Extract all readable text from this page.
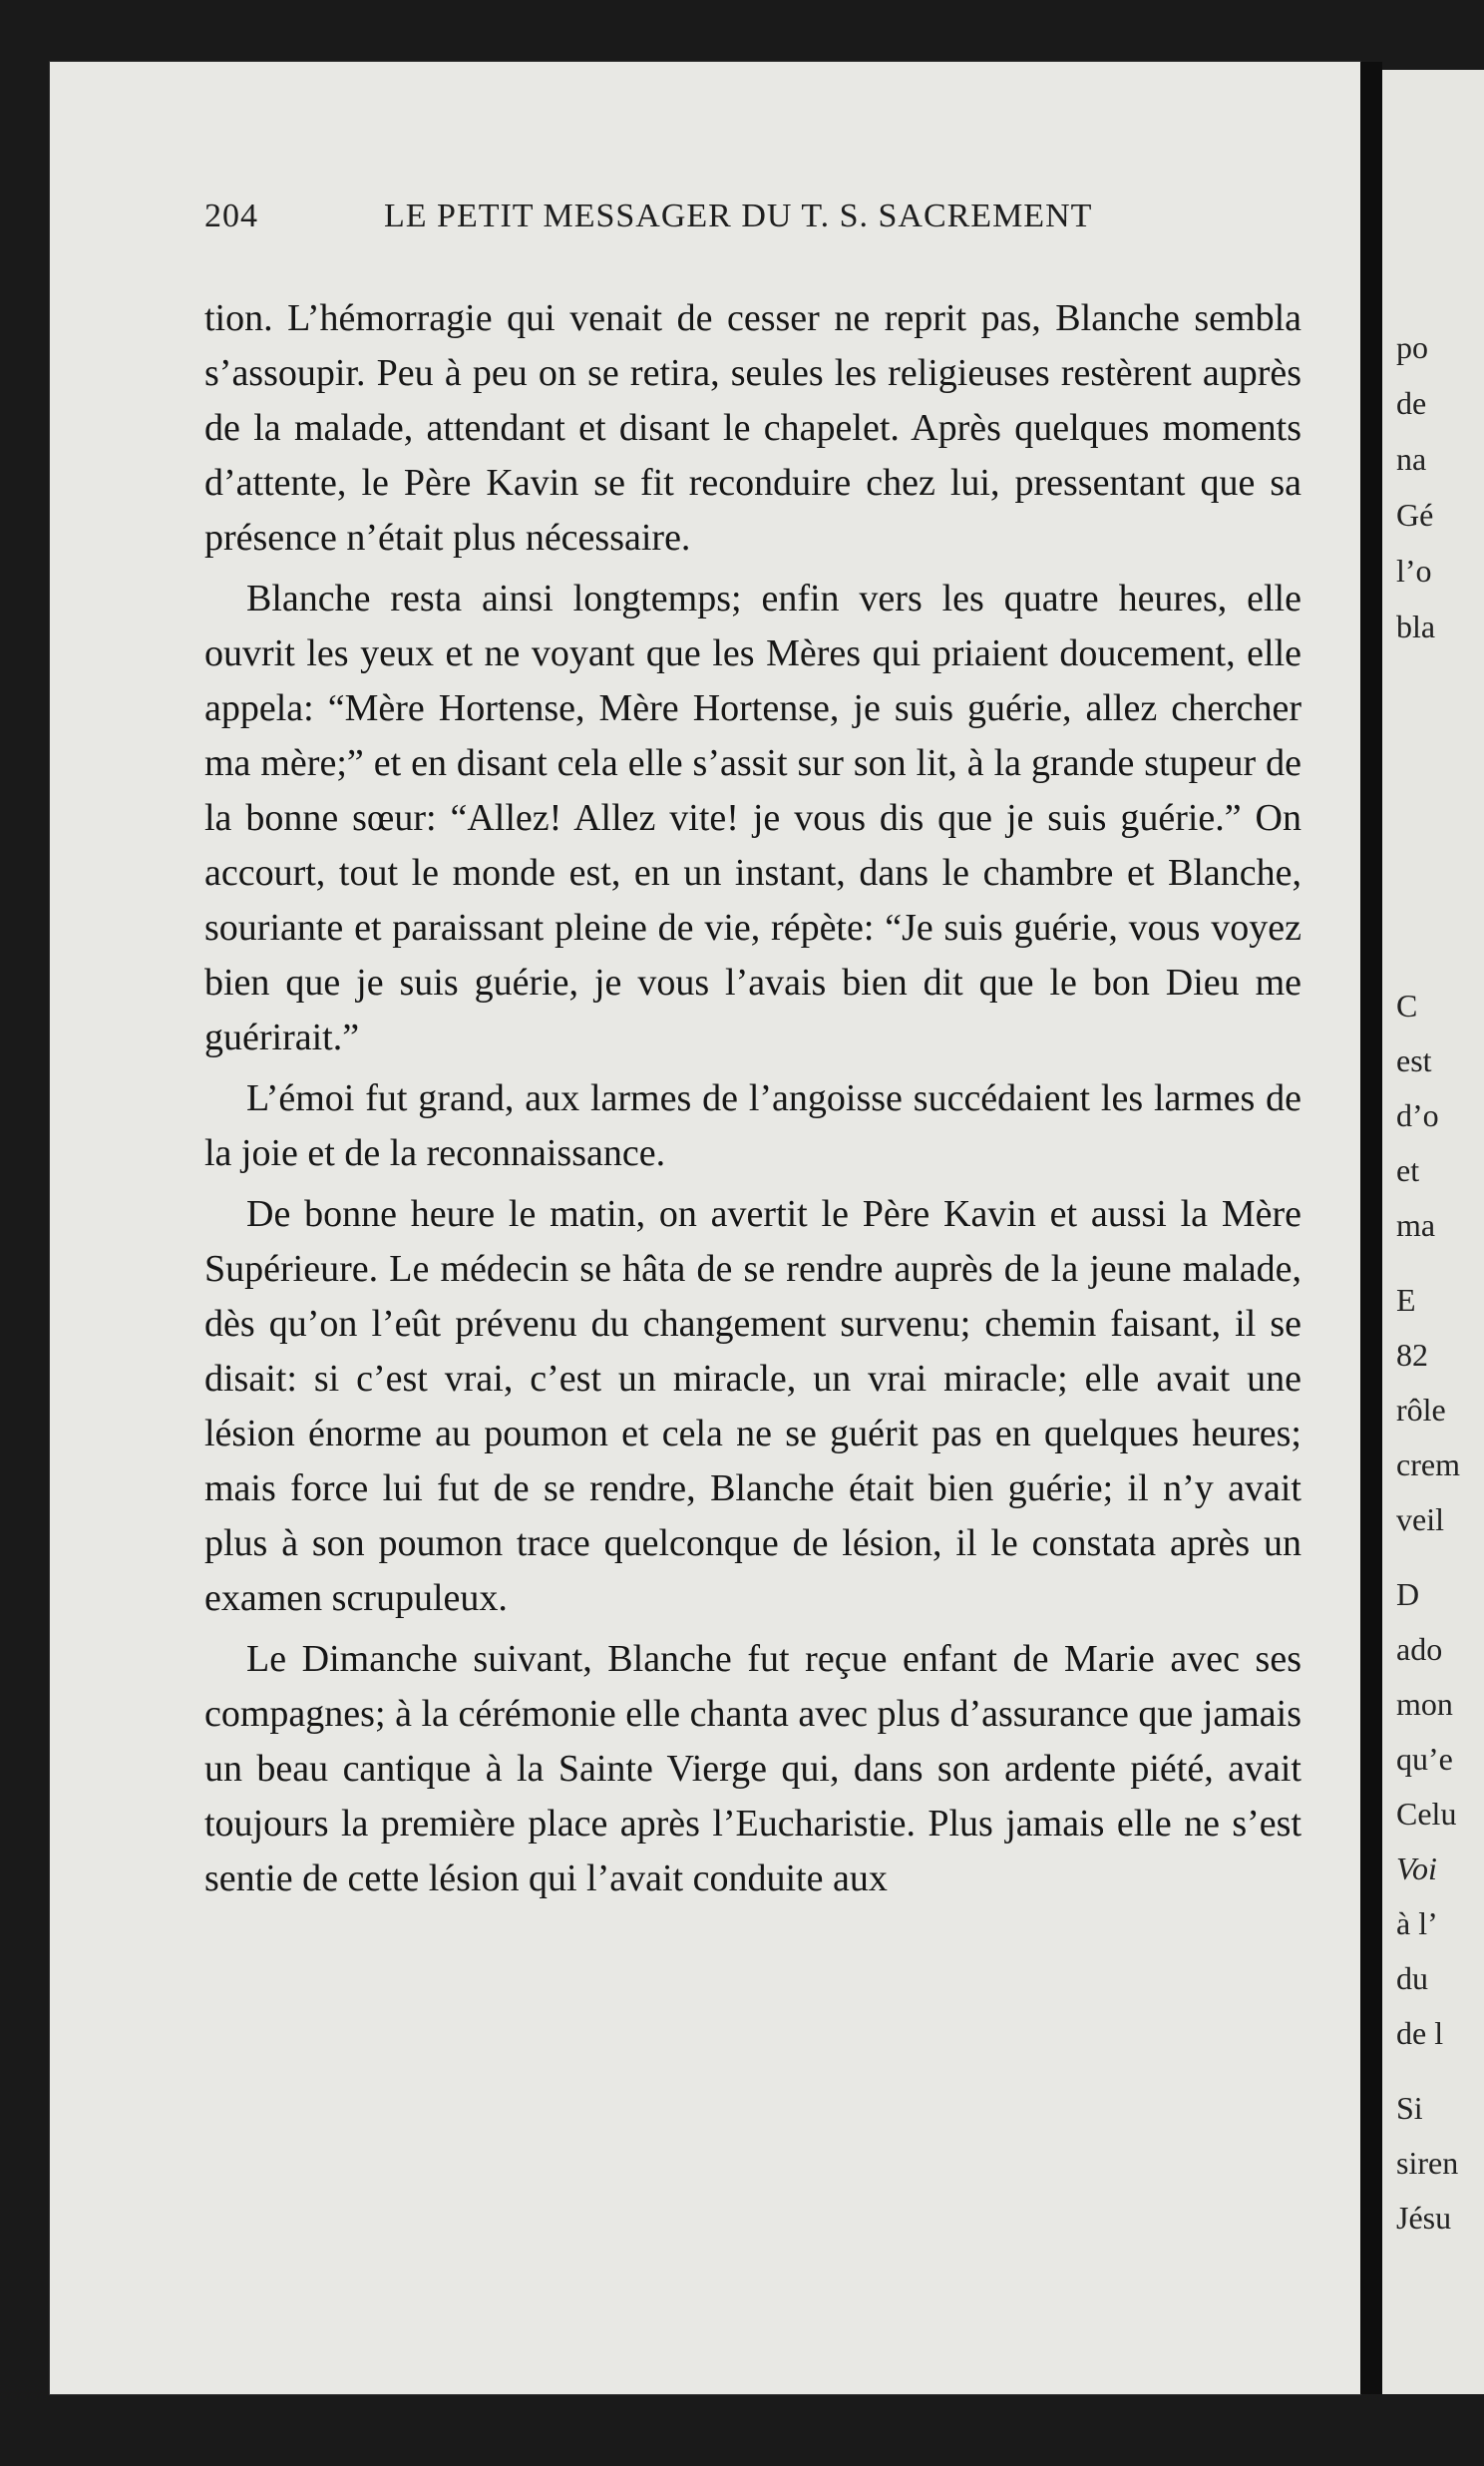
po
de
na
Gé
l’o
bla
C
est
d’o
et
ma
E
82
rôle
crem
veil
D
ado
mon
qu’e
Celu
Voi
à l’
du
de l
Si
siren
Jésu
204	LE PETIT MESSAGER DU T. S. SACREMENT

tion. L’hémorragie qui venait de cesser ne reprit pas, Blanche sembla s’assoupir. Peu à peu on se retira, seules les religieuses restèrent auprès de la malade, attendant et disant le chapelet. Après quelques moments d’attente, le Père Kavin se fit reconduire chez lui, pressentant que sa présence n’était plus nécessaire.

Blanche resta ainsi longtemps; enfin vers les quatre heures, elle ouvrit les yeux et ne voyant que les Mères qui priaient doucement, elle appela: “Mère Hortense, Mère Hortense, je suis guérie, allez chercher ma mère;” et en disant cela elle s’assit sur son lit, à la grande stupeur de la bonne sœur: “Allez! Allez vite! je vous dis que je suis guérie.” On accourt, tout le monde est, en un instant, dans le chambre et Blanche, souriante et paraissant pleine de vie, répète: “Je suis guérie, vous voyez bien que je suis guérie, je vous l’avais bien dit que le bon Dieu me guérirait.”

L’émoi fut grand, aux larmes de l’angoisse succédaient les larmes de la joie et de la reconnaissance.

De bonne heure le matin, on avertit le Père Kavin et aussi la Mère Supérieure. Le médecin se hâta de se rendre auprès de la jeune malade, dès qu’on l’eût prévenu du changement survenu; chemin faisant, il se disait: si c’est vrai, c’est un miracle, un vrai miracle; elle avait une lésion énorme au poumon et cela ne se guérit pas en quelques heures; mais force lui fut de se rendre, Blanche était bien guérie; il n’y avait plus à son poumon trace quelconque de lésion, il le constata après un examen scrupuleux.

Le Dimanche suivant, Blanche fut reçue enfant de Marie avec ses compagnes; à la cérémonie elle chanta avec plus d’assurance que jamais un beau cantique à la Sainte Vierge qui, dans son ardente piété, avait toujours la première place après l’Eucharistie. Plus jamais elle ne s’est sentie de cette lésion qui l’avait conduite aux
